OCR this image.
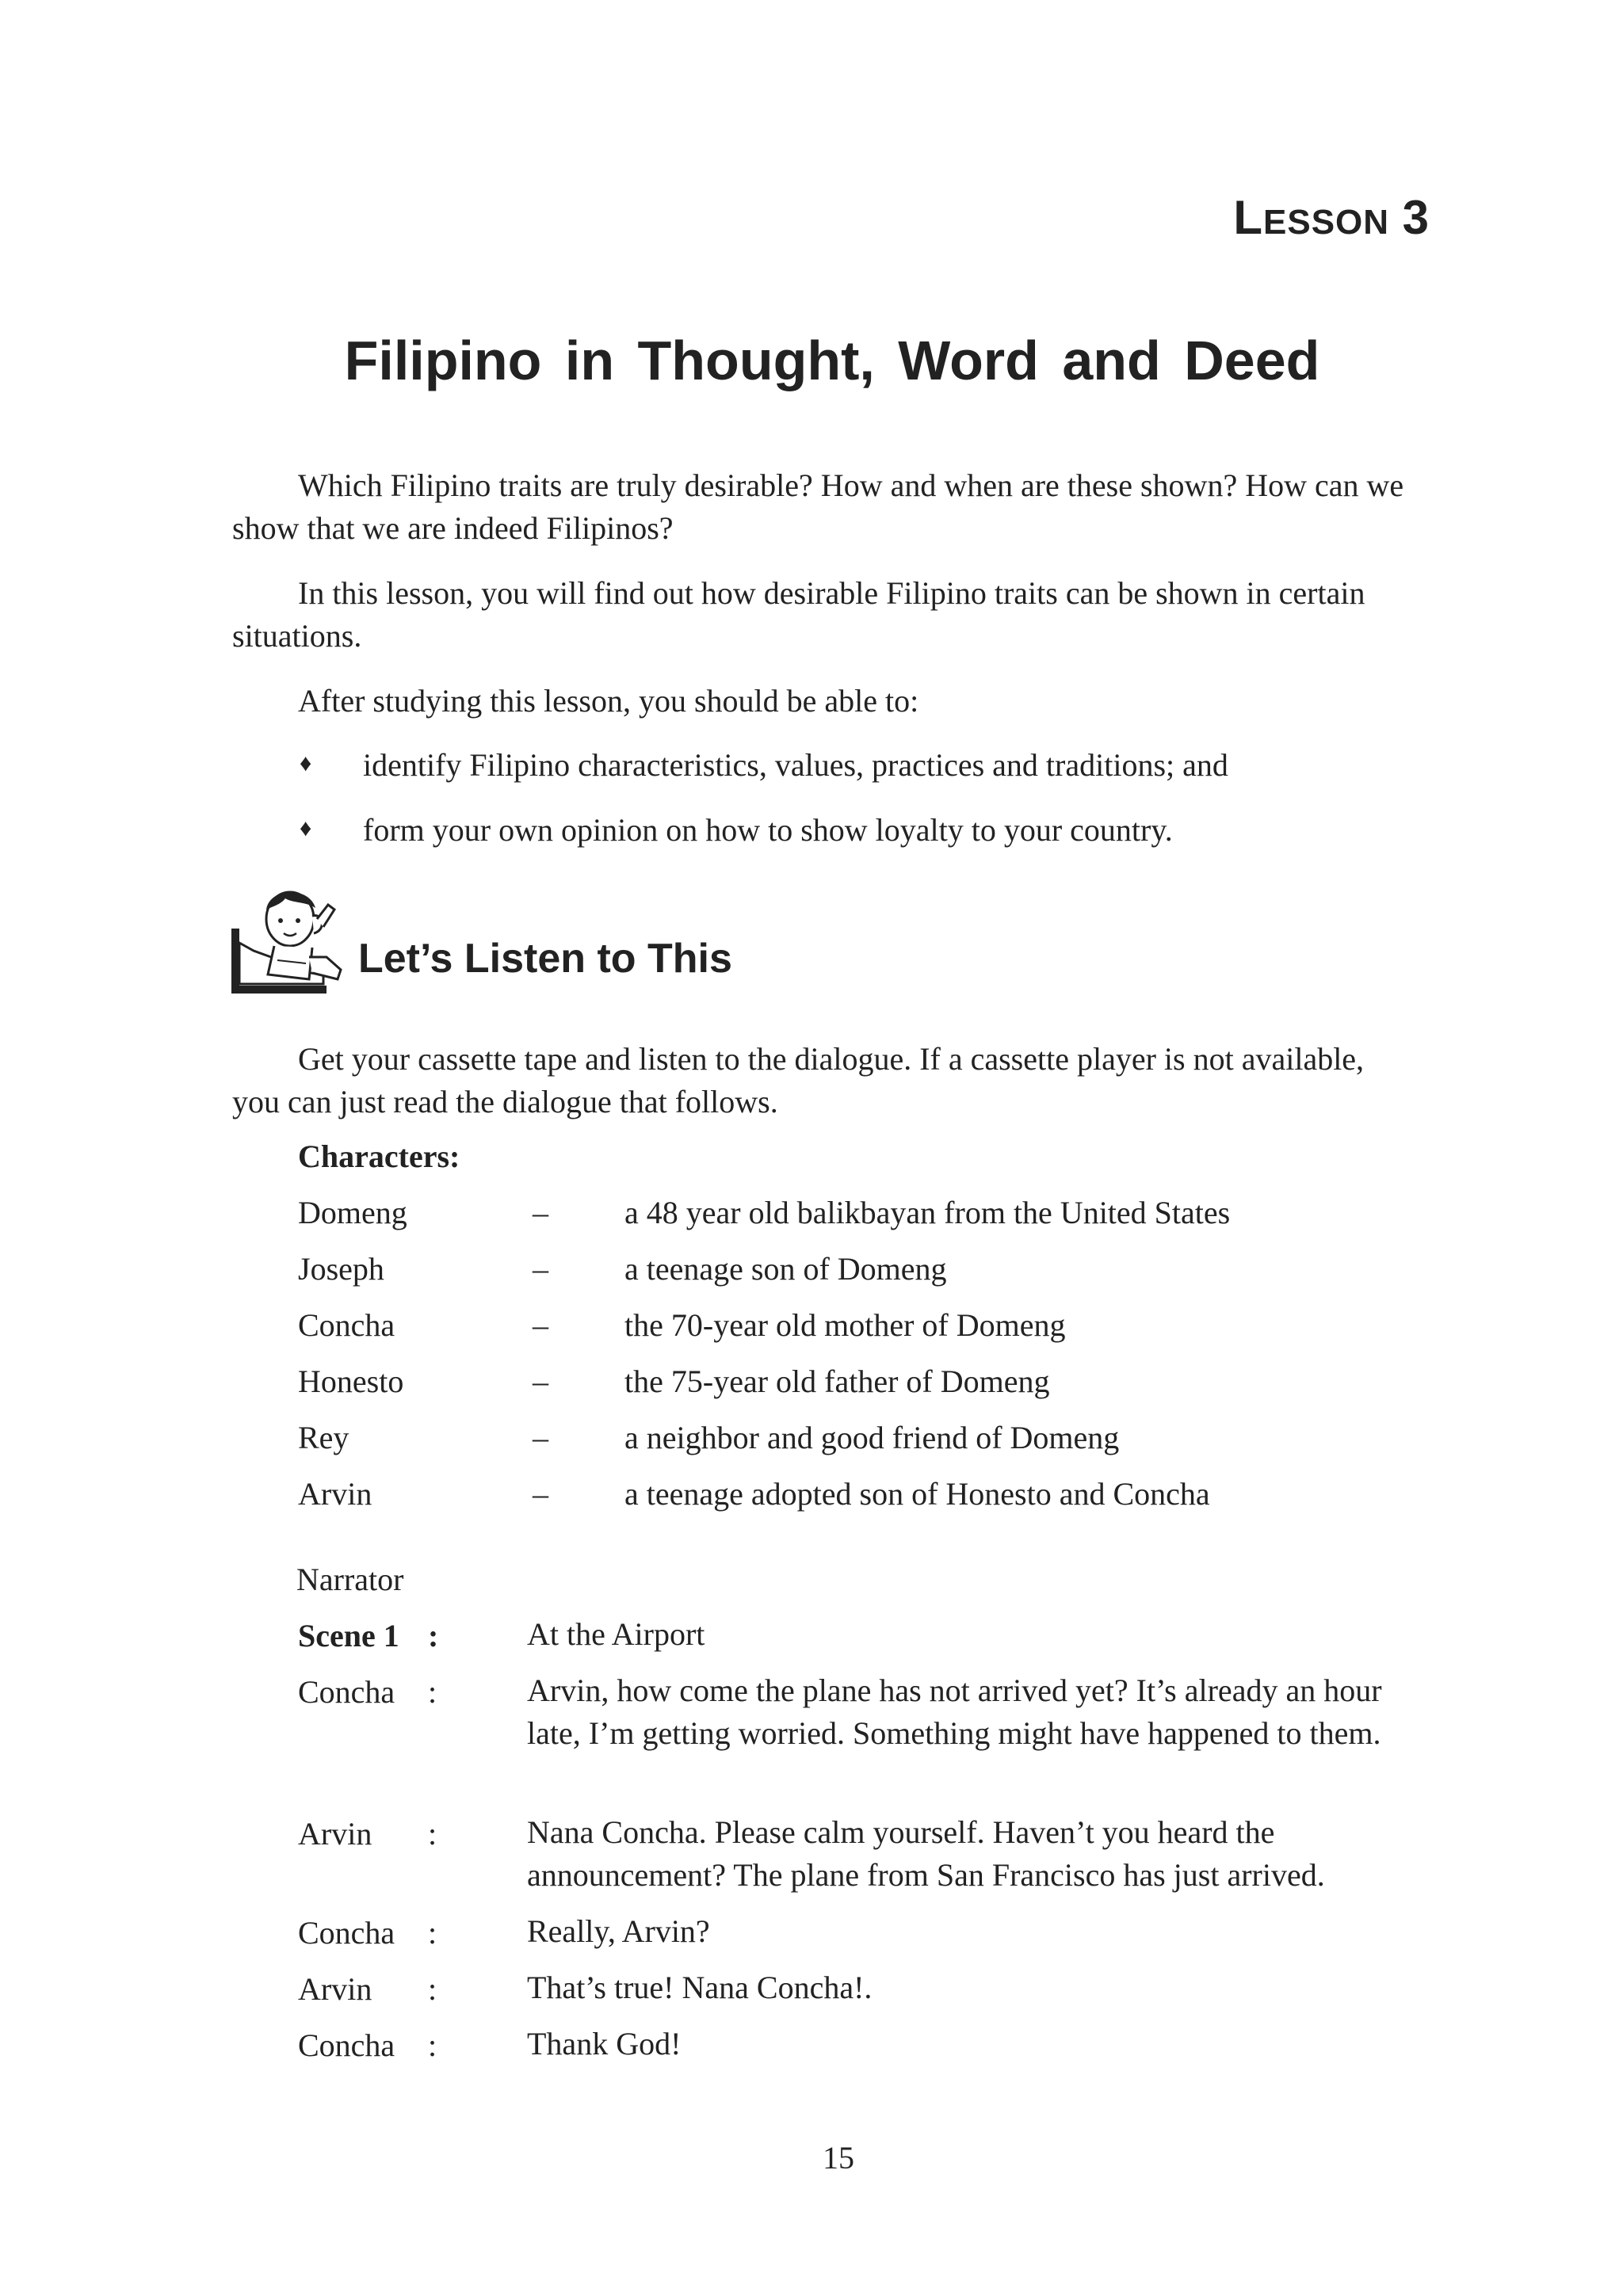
LESSON 3
Filipino in Thought, Word and Deed

Which Filipino traits are truly desirable? How and when are these shown? How can we show that we are indeed Filipinos?

In this lesson, you will find out how desirable Filipino traits can be shown in certain situations.

After studying this lesson, you should be able to:

♦ identify Filipino characteristics, values, practices and traditions; and
♦ form your own opinion on how to show loyalty to your country.
Let’s Listen to This

Get your cassette tape and listen to the dialogue. If a cassette player is not available, you can just read the dialogue that follows.

Characters:
Domeng	– a 48 year old balikbayan from the United States
Joseph	– a teenage son of Domeng
Concha	– the 70-year old mother of Domeng
Honesto	– the 75-year old father of Domeng
Rey	– a neighbor and good friend of Domeng
Arvin	– a teenage adopted son of Honesto and Concha
Narrator
Scene 1 :	At the Airport
Concha :	Arvin, how come the plane has not arrived yet? It’s already an hour late, I’m getting worried. Something might have happened to them.
Arvin :	Nana Concha. Please calm yourself. Haven’t you heard the announcement? The plane from San Francisco has just arrived.
Concha :	Really, Arvin?
Arvin :	That’s true! Nana Concha!.
Concha :	Thank God!
15
